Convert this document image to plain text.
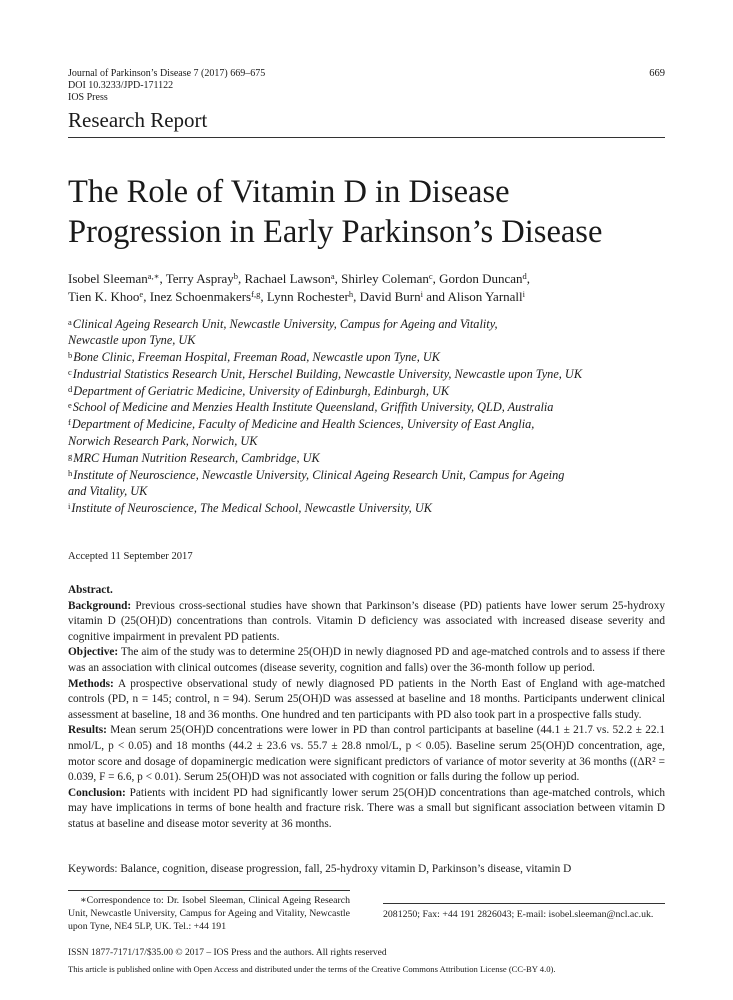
Journal of Parkinson’s Disease 7 (2017) 669–675
DOI 10.3233/JPD-171122
IOS Press
669
Research Report
The Role of Vitamin D in Disease
Progression in Early Parkinson’s Disease
Isobel Sleeman$^{a,∗}$, Terry Aspray$^b$, Rachael Lawson$^a$, Shirley Coleman$^c$, Gordon Duncan$^d$,
Tien K. Khoo$^e$, Inez Schoenmakers$^{f,g}$, Lynn Rochester$^h$, David Burn$^i$ and Alison Yarnall$^i$
$^a$Clinical Ageing Research Unit, Newcastle University, Campus for Ageing and Vitality,
Newcastle upon Tyne, UK
$^b$Bone Clinic, Freeman Hospital, Freeman Road, Newcastle upon Tyne, UK
$^c$Industrial Statistics Research Unit, Herschel Building, Newcastle University, Newcastle upon Tyne, UK
$^d$Department of Geriatric Medicine, University of Edinburgh, Edinburgh, UK
$^e$School of Medicine and Menzies Health Institute Queensland, Griffith University, QLD, Australia
$^f$Department of Medicine, Faculty of Medicine and Health Sciences, University of East Anglia,
Norwich Research Park, Norwich, UK
$^g$MRC Human Nutrition Research, Cambridge, UK
$^h$Institute of Neuroscience, Newcastle University, Clinical Ageing Research Unit, Campus for Ageing
and Vitality, UK
$^i$Institute of Neuroscience, The Medical School, Newcastle University, UK
Accepted 11 September 2017
Abstract.

Background: Previous cross-sectional studies have shown that Parkinson’s disease (PD) patients have lower serum 25-hydroxy vitamin D (25(OH)D) concentrations than controls. Vitamin D deficiency was associated with increased disease severity and cognitive impairment in prevalent PD patients.

Objective: The aim of the study was to determine 25(OH)D in newly diagnosed PD and age-matched controls and to assess if there was an association with clinical outcomes (disease severity, cognition and falls) over the 36-month follow up period.

Methods: A prospective observational study of newly diagnosed PD patients in the North East of England with age-matched controls (PD, n = 145; control, n = 94). Serum 25(OH)D was assessed at baseline and 18 months. Participants underwent clinical assessment at baseline, 18 and 36 months. One hundred and ten participants with PD also took part in a prospective falls study.

Results: Mean serum 25(OH)D concentrations were lower in PD than control participants at baseline (44.1 ± 21.7 vs. 52.2 ± 22.1 nmol/L, p < 0.05) and 18 months (44.2 ± 23.6 vs. 55.7 ± 28.8 nmol/L, p < 0.05). Baseline serum 25(OH)D concentration, age, motor score and dosage of dopaminergic medication were significant predictors of variance of motor severity at 36 months ((ΔR² = 0.039, F = 6.6, p < 0.01). Serum 25(OH)D was not associated with cognition or falls during the follow up period.

Conclusion: Patients with incident PD had significantly lower serum 25(OH)D concentrations than age-matched controls, which may have implications in terms of bone health and fracture risk. There was a small but significant association between vitamin D status at baseline and disease motor severity at 36 months.

Keywords: Balance, cognition, disease progression, fall, 25-hydroxy vitamin D, Parkinson’s disease, vitamin D
∗Correspondence to: Dr. Isobel Sleeman, Clinical Ageing Research Unit, Newcastle University, Campus for Ageing and Vitality, Newcastle upon Tyne, NE4 5LP, UK. Tel.: +44 191
2081250; Fax: +44 191 2826043; E-mail: isobel.sleeman@ncl.ac.uk.
ISSN 1877-7171/17/$35.00 © 2017 – IOS Press and the authors. All rights reserved
This article is published online with Open Access and distributed under the terms of the Creative Commons Attribution License (CC-BY 4.0).
